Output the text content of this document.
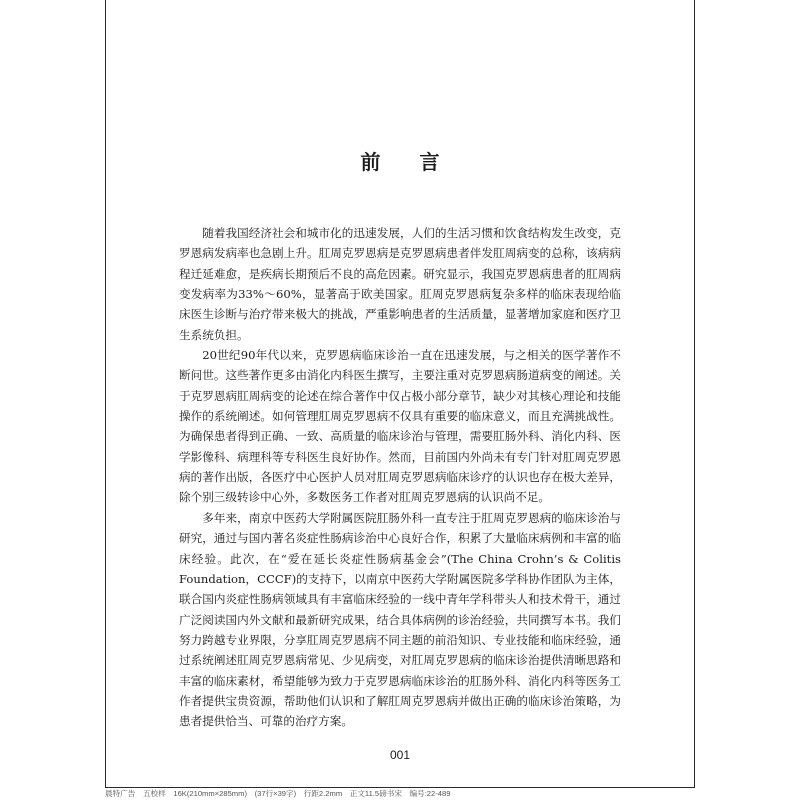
前 言

随着我国经济社会和城市化的迅速发展，人们的生活习惯和饮食结构发生改变，克罗恩病发病率也急剧上升。肛周克罗恩病是克罗恩病患者伴发肛周病变的总称，该病病程迁延难愈，是疾病长期预后不良的高危因素。研究显示，我国克罗恩病患者的肛周病变发病率为33%～60%，显著高于欧美国家。肛周克罗恩病复杂多样的临床表现给临床医生诊断与治疗带来极大的挑战，严重影响患者的生活质量，显著增加家庭和医疗卫生系统负担。

20世纪90年代以来，克罗恩病临床诊治一直在迅速发展，与之相关的医学著作不断问世。这些著作更多由消化内科医生撰写，主要注重对克罗恩病肠道病变的阐述。关于克罗恩病肛周病变的论述在综合著作中仅占极小部分章节，缺少对其核心理论和技能操作的系统阐述。如何管理肛周克罗恩病不仅具有重要的临床意义，而且充满挑战性。为确保患者得到正确、一致、高质量的临床诊治与管理，需要肛肠外科、消化内科、医学影像科、病理科等专科医生良好协作。然而，目前国内外尚未有专门针对肛周克罗恩病的著作出版，各医疗中心医护人员对肛周克罗恩病临床诊疗的认识也存在极大差异，除个别三级转诊中心外，多数医务工作者对肛周克罗恩病的认识尚不足。

多年来，南京中医药大学附属医院肛肠外科一直专注于肛周克罗恩病的临床诊治与研究，通过与国内著名炎症性肠病诊治中心良好合作，积累了大量临床病例和丰富的临床经验。此次，在“爱在延长炎症性肠病基金会”(The China Crohn’s & Colitis Foundation，CCCF)的支持下，以南京中医药大学附属医院多学科协作团队为主体，联合国内炎症性肠病领域具有丰富临床经验的一线中青年学科带头人和技术骨干，通过广泛阅读国内外文献和最新研究成果，结合具体病例的诊治经验，共同撰写本书。我们努力跨越专业界限，分享肛周克罗恩病不同主题的前沿知识、专业技能和临床经验，通过系统阐述肛周克罗恩病常见、少见病变，对肛周克罗恩病的临床诊治提供清晰思路和丰富的临床素材，希望能够为致力于克罗恩病临床诊治的肛肠外科、消化内科等医务工作者提供宝贵资源，帮助他们认识和了解肛周克罗恩病并做出正确的临床诊治策略，为患者提供恰当、可靠的治疗方案。

001
晨特广告　五校样　16K(210mm×285mm)　(37行×39字)　行距2.2mm　正文11.5磅书宋　编号:22-489
